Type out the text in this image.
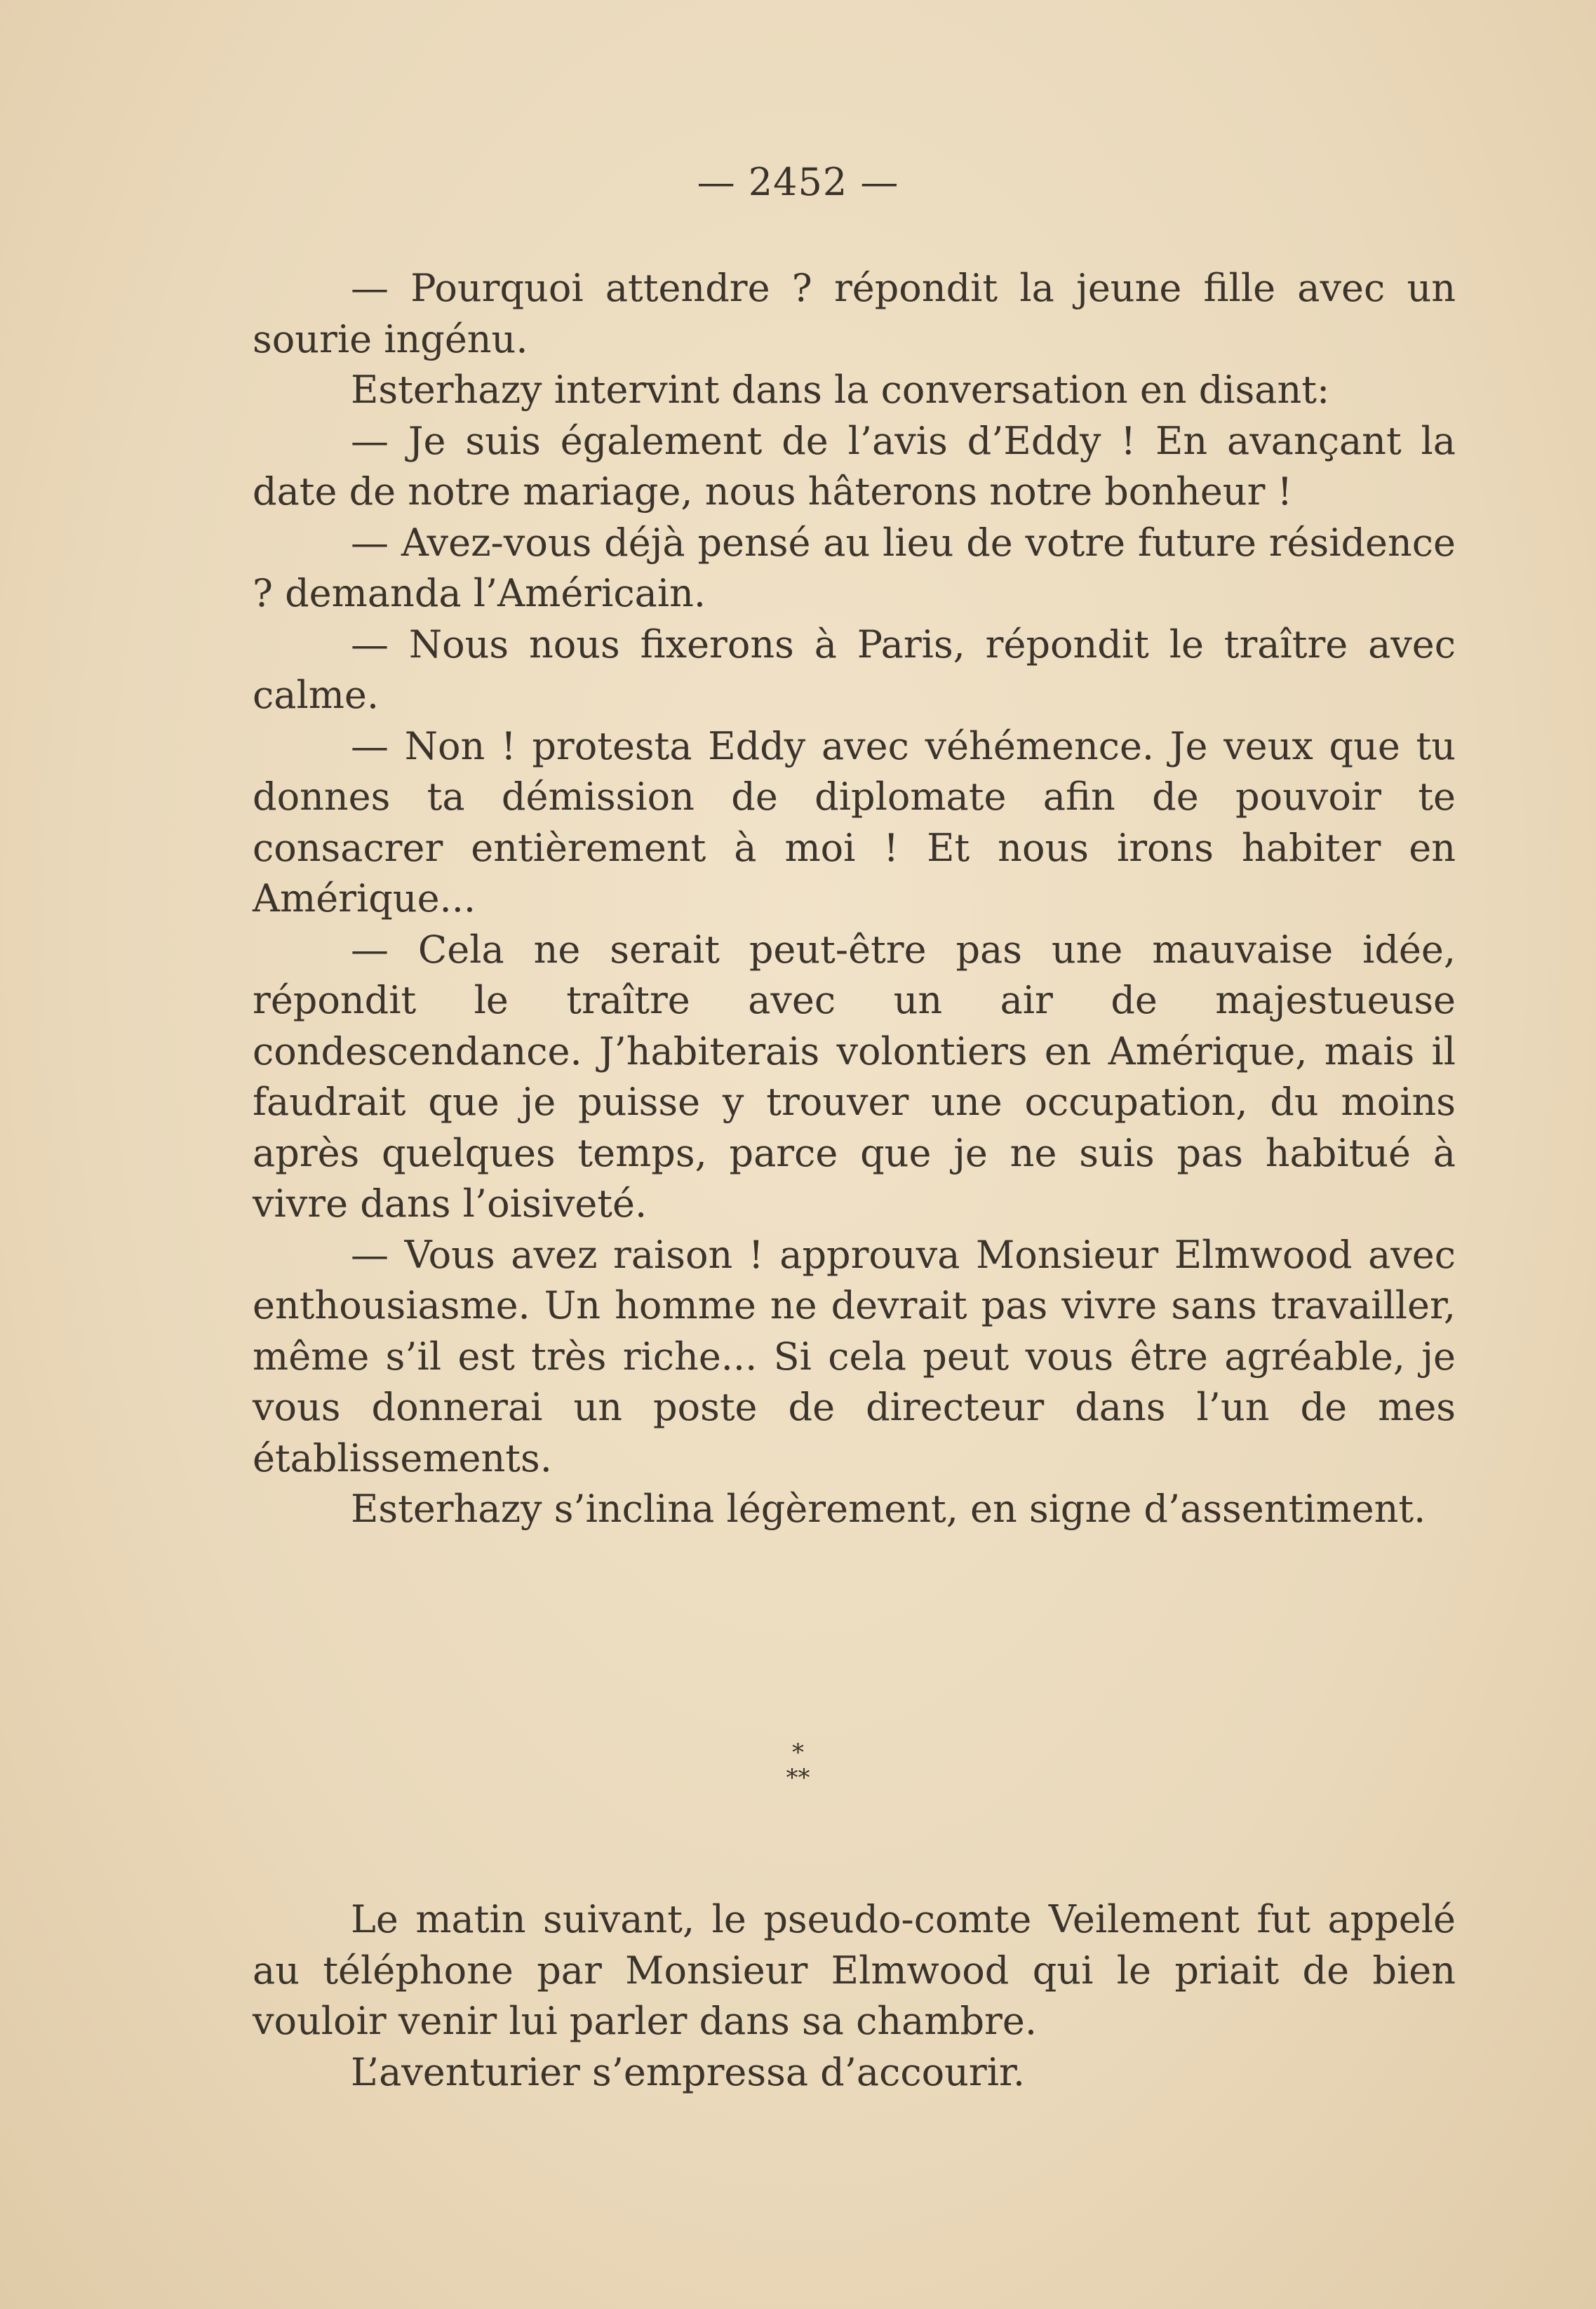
— 2452 —

— Pourquoi attendre ? répondit la jeune fille avec un sourie ingénu.

Esterhazy intervint dans la conversation en disant:

— Je suis également de l’avis d’Eddy ! En avançant la date de notre mariage, nous hâterons notre bonheur !

— Avez-vous déjà pensé au lieu de votre future résidence ? demanda l’Américain.

— Nous nous fixerons à Paris, répondit le traître avec calme.

— Non ! protesta Eddy avec véhémence. Je veux que tu donnes ta démission de diplomate afin de pouvoir te consacrer entièrement à moi ! Et nous irons habiter en Amérique...

— Cela ne serait peut-être pas une mauvaise idée, répondit le traître avec un air de majestueuse condescendance. J’habiterais volontiers en Amérique, mais il faudrait que je puisse y trouver une occupation, du moins après quelques temps, parce que je ne suis pas habitué à vivre dans l’oisiveté.

— Vous avez raison ! approuva Monsieur Elmwood avec enthousiasme. Un homme ne devrait pas vivre sans travailler, même s’il est très riche... Si cela peut vous être agréable, je vous donnerai un poste de directeur dans l’un de mes établissements.

Esterhazy s’inclina légèrement, en signe d’assentiment.

*
**

Le matin suivant, le pseudo-comte Veilement fut appelé au téléphone par Monsieur Elmwood qui le priait de bien vouloir venir lui parler dans sa chambre.

L’aventurier s’empressa d’accourir.
